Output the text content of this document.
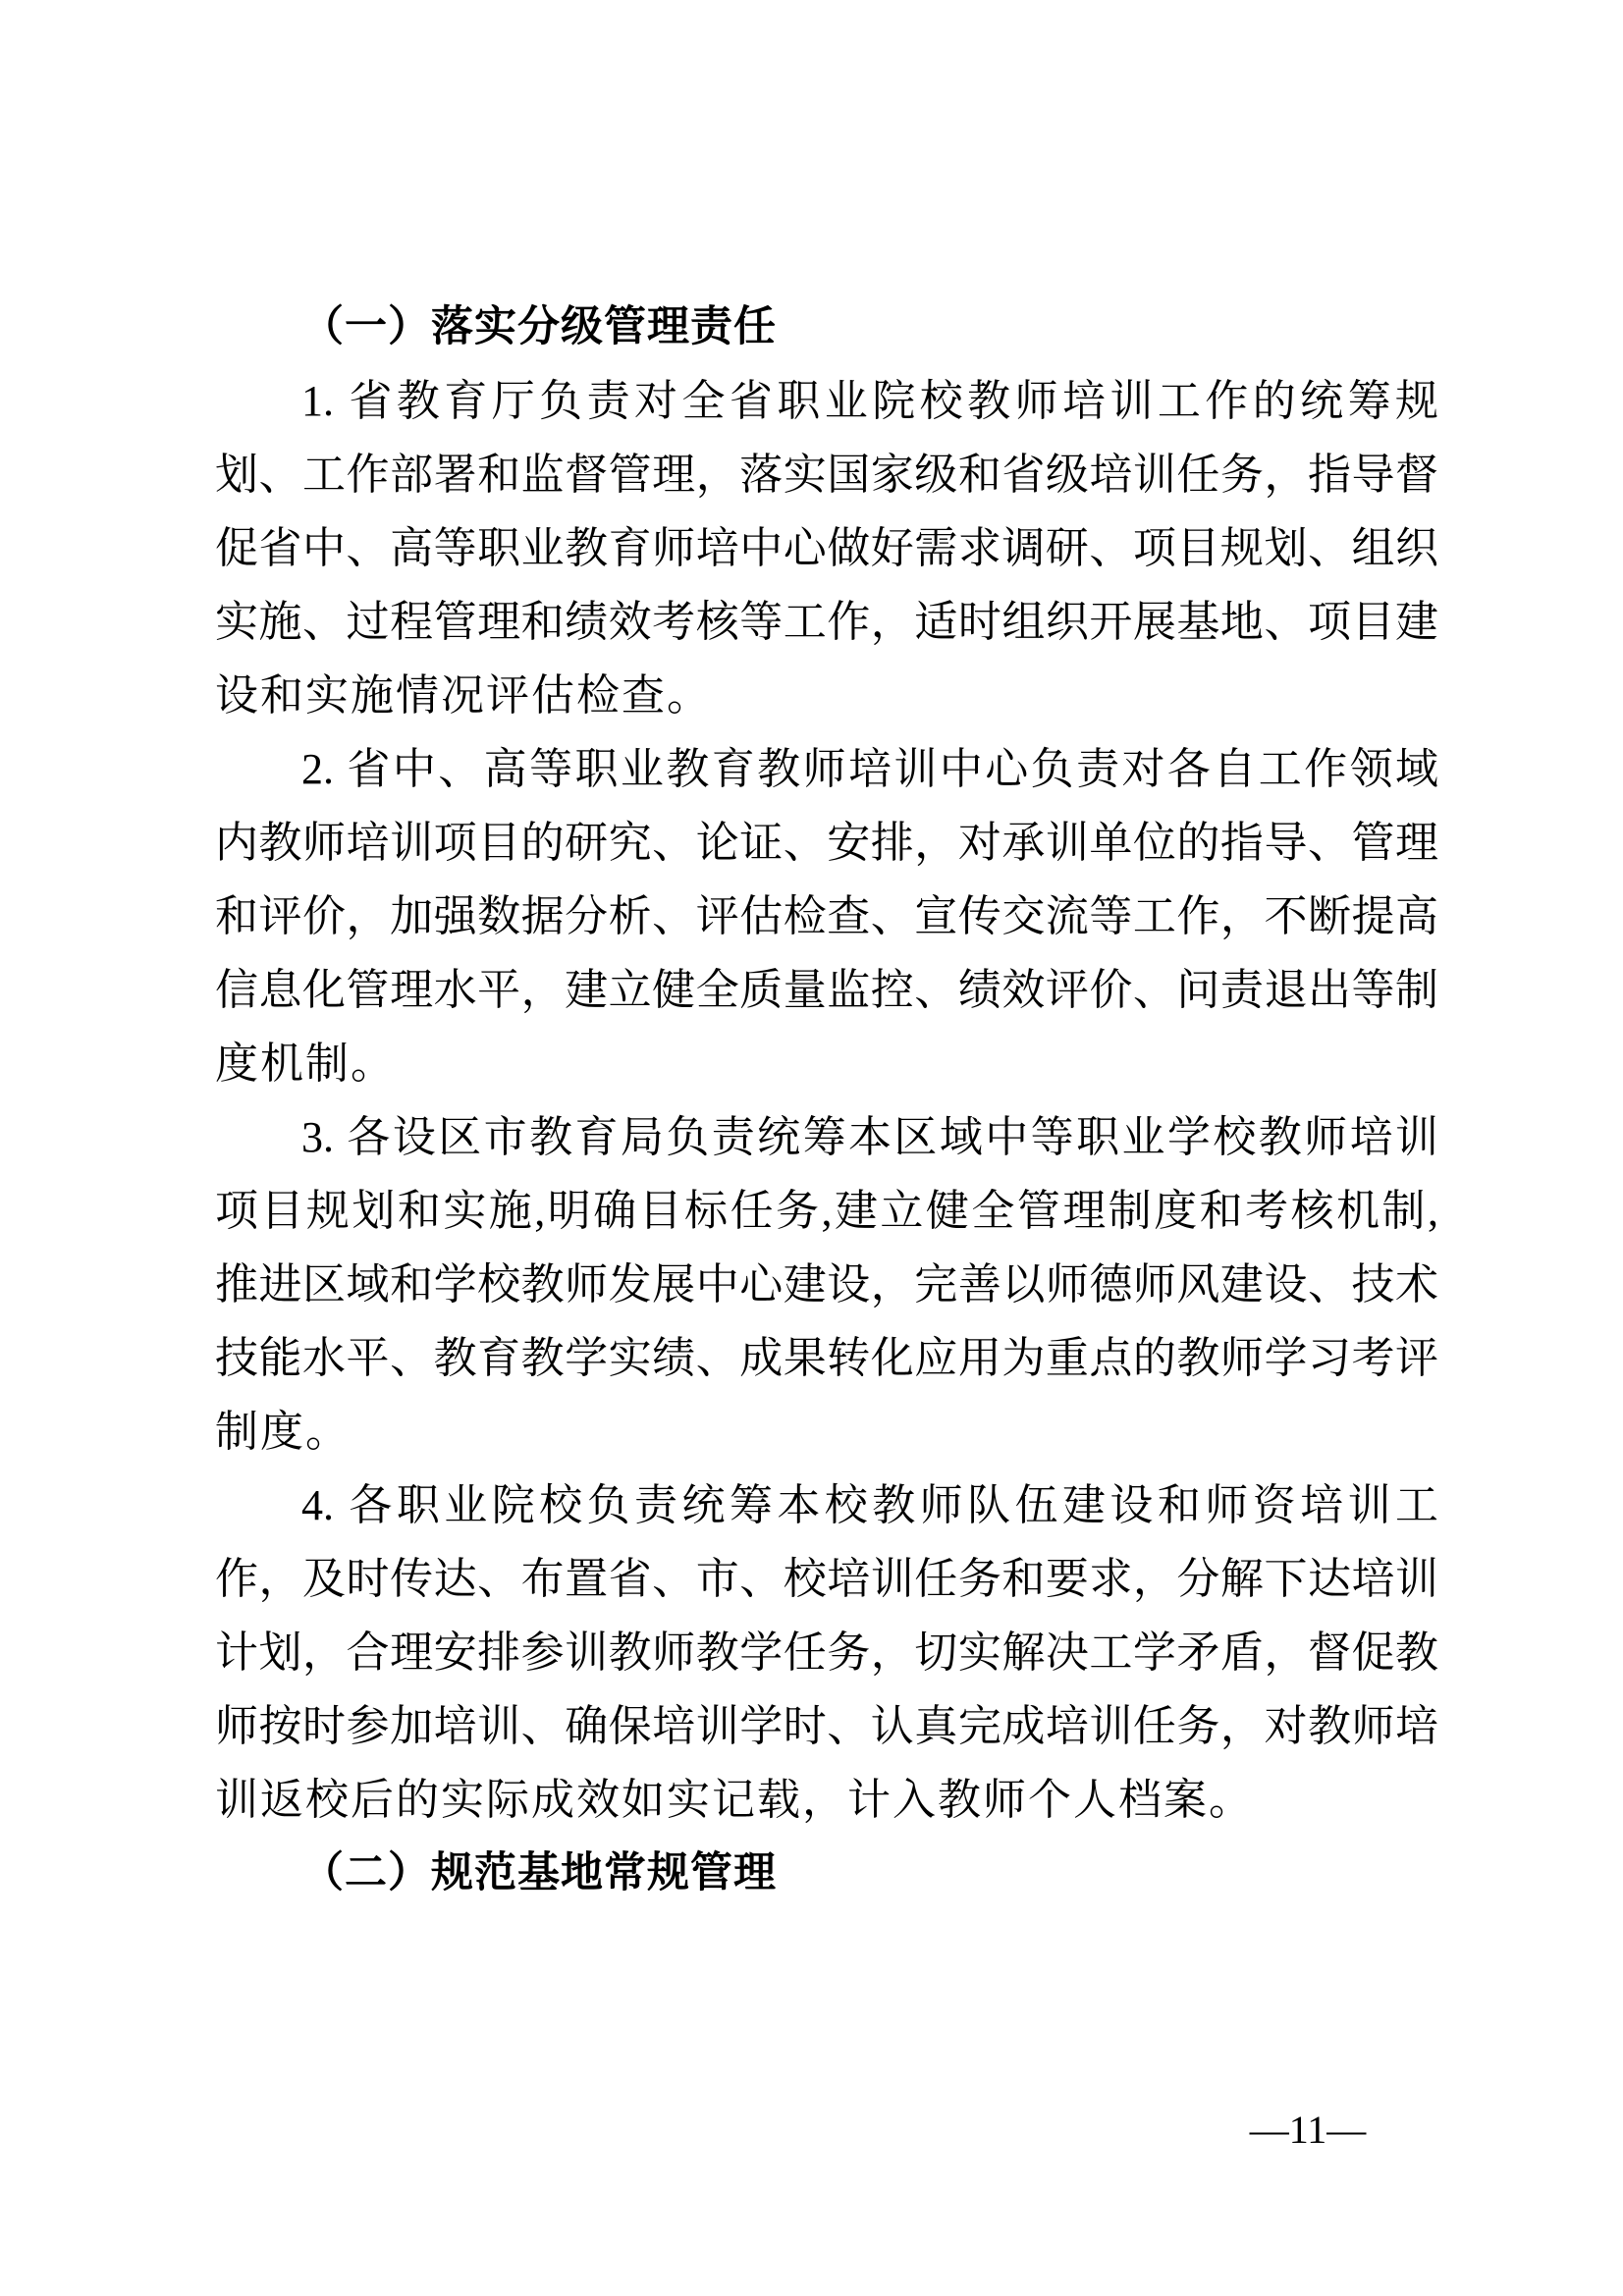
（一）落实分级管理责任

1. 省教育厅负责对全省职业院校教师培训工作的统筹规

划、工作部署和监督管理，落实国家级和省级培训任务，指导督

促省中、高等职业教育师培中心做好需求调研、项目规划、组织

实施、过程管理和绩效考核等工作，适时组织开展基地、项目建

设和实施情况评估检查。

2. 省中、高等职业教育教师培训中心负责对各自工作领域

内教师培训项目的研究、论证、安排，对承训单位的指导、管理

和评价，加强数据分析、评估检查、宣传交流等工作，不断提高

信息化管理水平，建立健全质量监控、绩效评价、问责退出等制

度机制。

3. 各设区市教育局负责统筹本区域中等职业学校教师培训

项目规划和实施,明确目标任务,建立健全管理制度和考核机制,

推进区域和学校教师发展中心建设，完善以师德师风建设、技术

技能水平、教育教学实绩、成果转化应用为重点的教师学习考评

制度。

4. 各职业院校负责统筹本校教师队伍建设和师资培训工

作，及时传达、布置省、市、校培训任务和要求，分解下达培训

计划，合理安排参训教师教学任务，切实解决工学矛盾，督促教

师按时参加培训、确保培训学时、认真完成培训任务，对教师培

训返校后的实际成效如实记载，计入教师个人档案。

（二）规范基地常规管理

—11—
